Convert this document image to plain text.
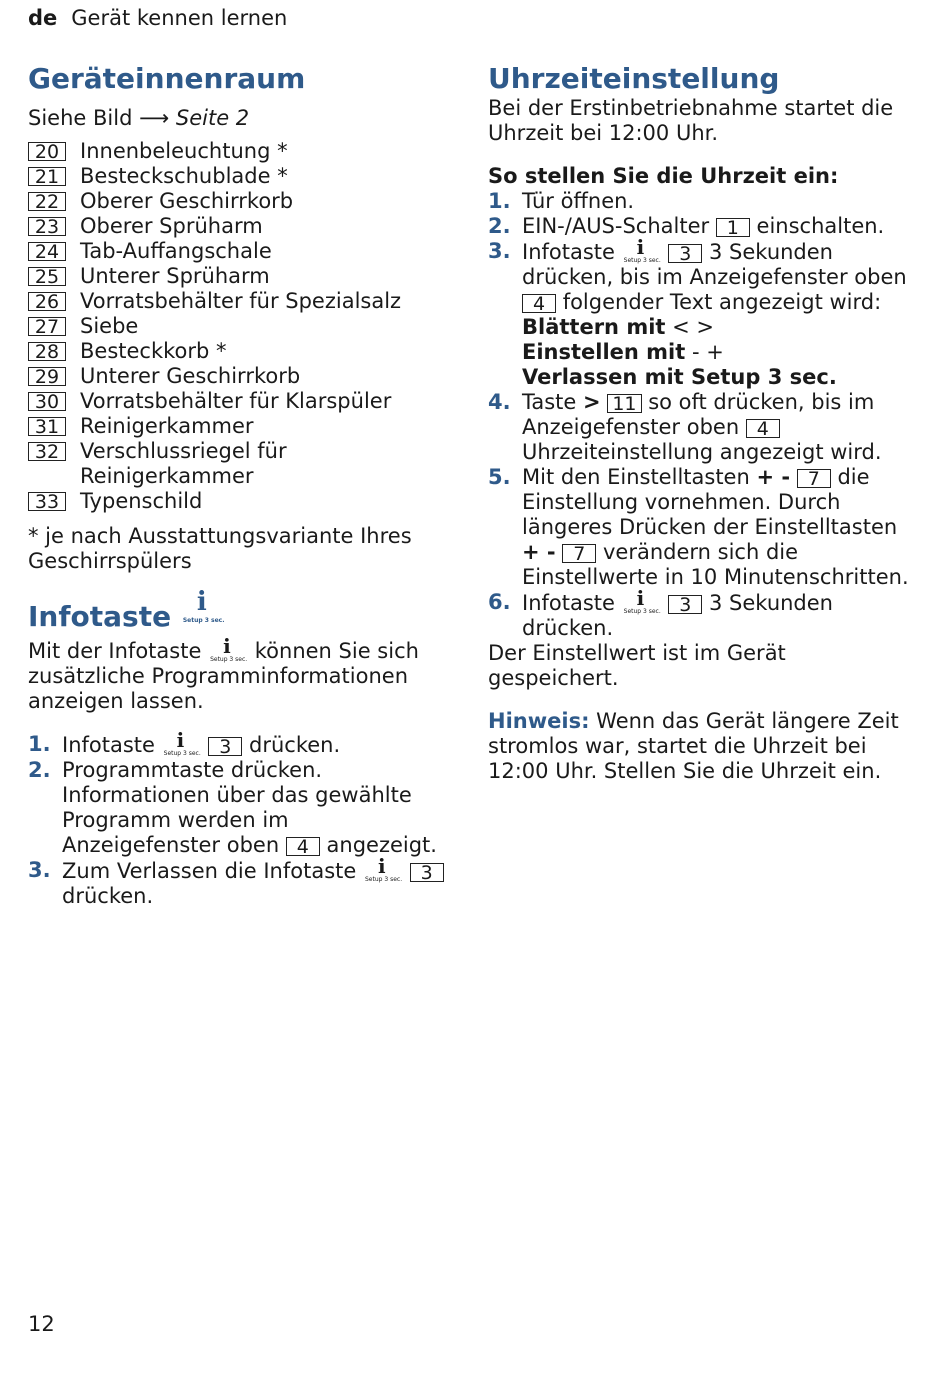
de Gerät kennen lernen
Geräteinnenraum

Siehe Bild ⟶ Seite 2

20 Innenbeleuchtung *
21 Besteckschublade *
22 Oberer Geschirrkorb
23 Oberer Sprüharm
24 Tab-Auffangschale
25 Unterer Sprüharm
26 Vorratsbehälter für Spezialsalz
27 Siebe
28 Besteckkorb *
29 Unterer Geschirrkorb
30 Vorratsbehälter für Klarspüler
31 Reinigerkammer
32 Verschlussriegel für Reinigerkammer
33 Typenschild

* je nach Ausstattungsvariante Ihres Geschirrspülers

Infotaste i
Setup 3 sec.

Mit der Infotaste i
Setup 3 sec. können Sie sich zusätzliche Programminformationen anzeigen lassen.

1. Infotaste i
Setup 3 sec. 3 drücken.
2. Programmtaste drücken. Informationen über das gewählte Programm werden im Anzeigefenster oben 4 angezeigt.
3. Zum Verlassen die Infotaste i
Setup 3 sec. 3 drücken.
Uhrzeiteinstellung

Bei der Erstinbetriebnahme startet die Uhrzeit bei 12:00 Uhr.

So stellen Sie die Uhrzeit ein:

1. Tür öffnen.
2. EIN-/AUS-Schalter 1 einschalten.
3. Infotaste i
Setup 3 sec. 3 3 Sekunden drücken, bis im Anzeigefenster oben 4 folgender Text angezeigt wird:
Blättern mit < >
Einstellen mit - +
Verlassen mit Setup 3 sec.
4. Taste > 11 so oft drücken, bis im Anzeigefenster oben 4 Uhrzeiteinstellung angezeigt wird.
5. Mit den Einstelltasten + - 7 die Einstellung vornehmen. Durch längeres Drücken der Einstelltasten + - 7 verändern sich die Einstellwerte in 10 Minutenschritten.
6. Infotaste i
Setup 3 sec. 3 3 Sekunden drücken.

Der Einstellwert ist im Gerät gespeichert.

Hinweis: Wenn das Gerät längere Zeit stromlos war, startet die Uhrzeit bei 12:00 Uhr. Stellen Sie die Uhrzeit ein.

12
